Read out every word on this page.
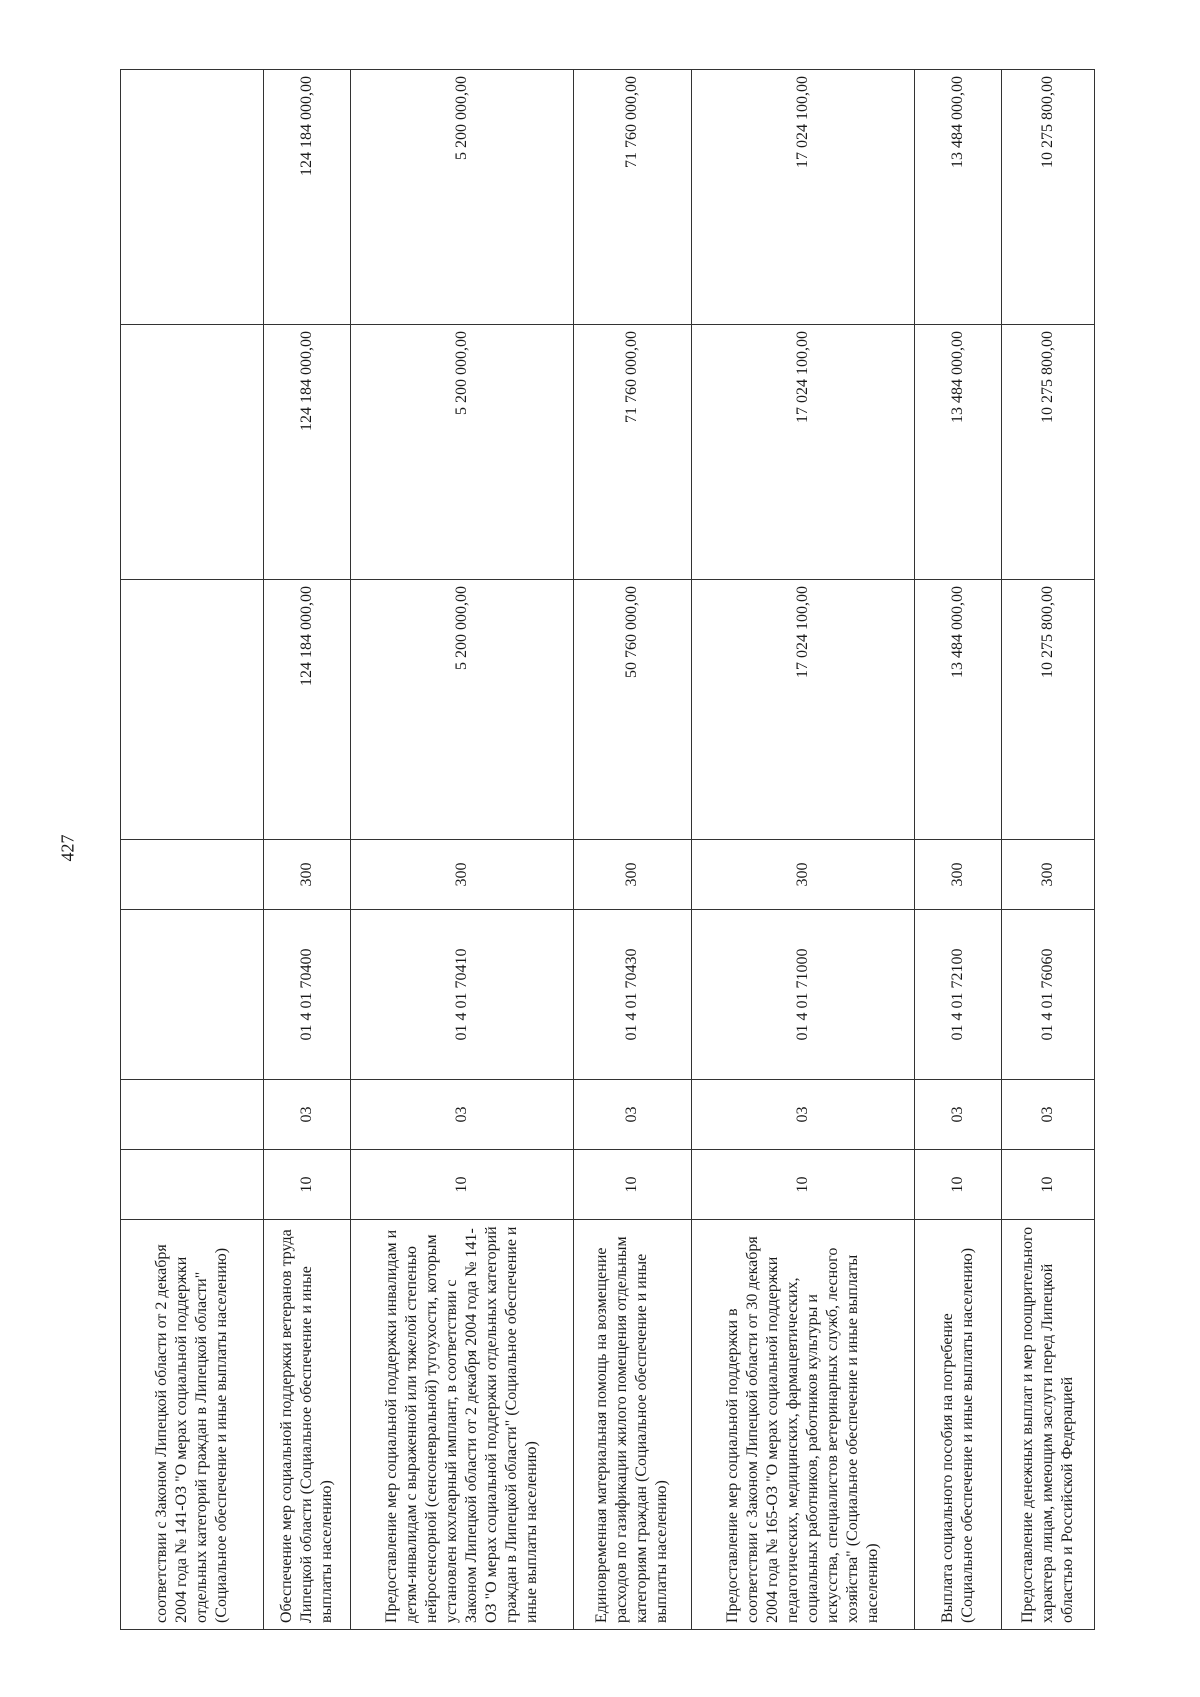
427
соответствии с Законом Липецкой области от 2 декабря 2004 года № 141-ОЗ "О мерах социальной поддержки отдельных категорий граждан в Липецкой области" (Социальное обеспечение и иные выплаты населению)							
Обеспечение мер социальной поддержки ветеранов труда Липецкой области (Социальное обеспечение и иные выплаты населению)	10	03	01 4 01 70400	300	124 184 000,00	124 184 000,00	124 184 000,00
Предоставление мер социальной поддержки инвалидам и детям-инвалидам с выраженной или тяжелой степенью нейросенсорной (сенсоневральной) тугоухости, которым установлен кохлеарный имплант, в соответствии с Законом Липецкой области от 2 декабря 2004 года № 141-ОЗ "О мерах социальной поддержки отдельных категорий граждан в Липецкой области" (Социальное обеспечение и иные выплаты населению)	10	03	01 4 01 70410	300	5 200 000,00	5 200 000,00	5 200 000,00
Единовременная материальная помощь на возмещение расходов по газификации жилого помещения отдельным категориям граждан (Социальное обеспечение и иные выплаты населению)	10	03	01 4 01 70430	300	50 760 000,00	71 760 000,00	71 760 000,00
Предоставление мер социальной поддержки в соответствии с Законом Липецкой области от 30 декабря 2004 года № 165-ОЗ "О мерах социальной поддержки педагогических, медицинских, фармацевтических, социальных работников, работников культуры и искусства, специалистов ветеринарных служб, лесного хозяйства" (Социальное обеспечение и иные выплаты населению)	10	03	01 4 01 71000	300	17 024 100,00	17 024 100,00	17 024 100,00
Выплата социального пособия на погребение (Социальное обеспечение и иные выплаты населению)	10	03	01 4 01 72100	300	13 484 000,00	13 484 000,00	13 484 000,00
Предоставление денежных выплат и мер поощрительного характера лицам, имеющим заслуги перед Липецкой областью и Российской Федерацией	10	03	01 4 01 76060	300	10 275 800,00	10 275 800,00	10 275 800,00
